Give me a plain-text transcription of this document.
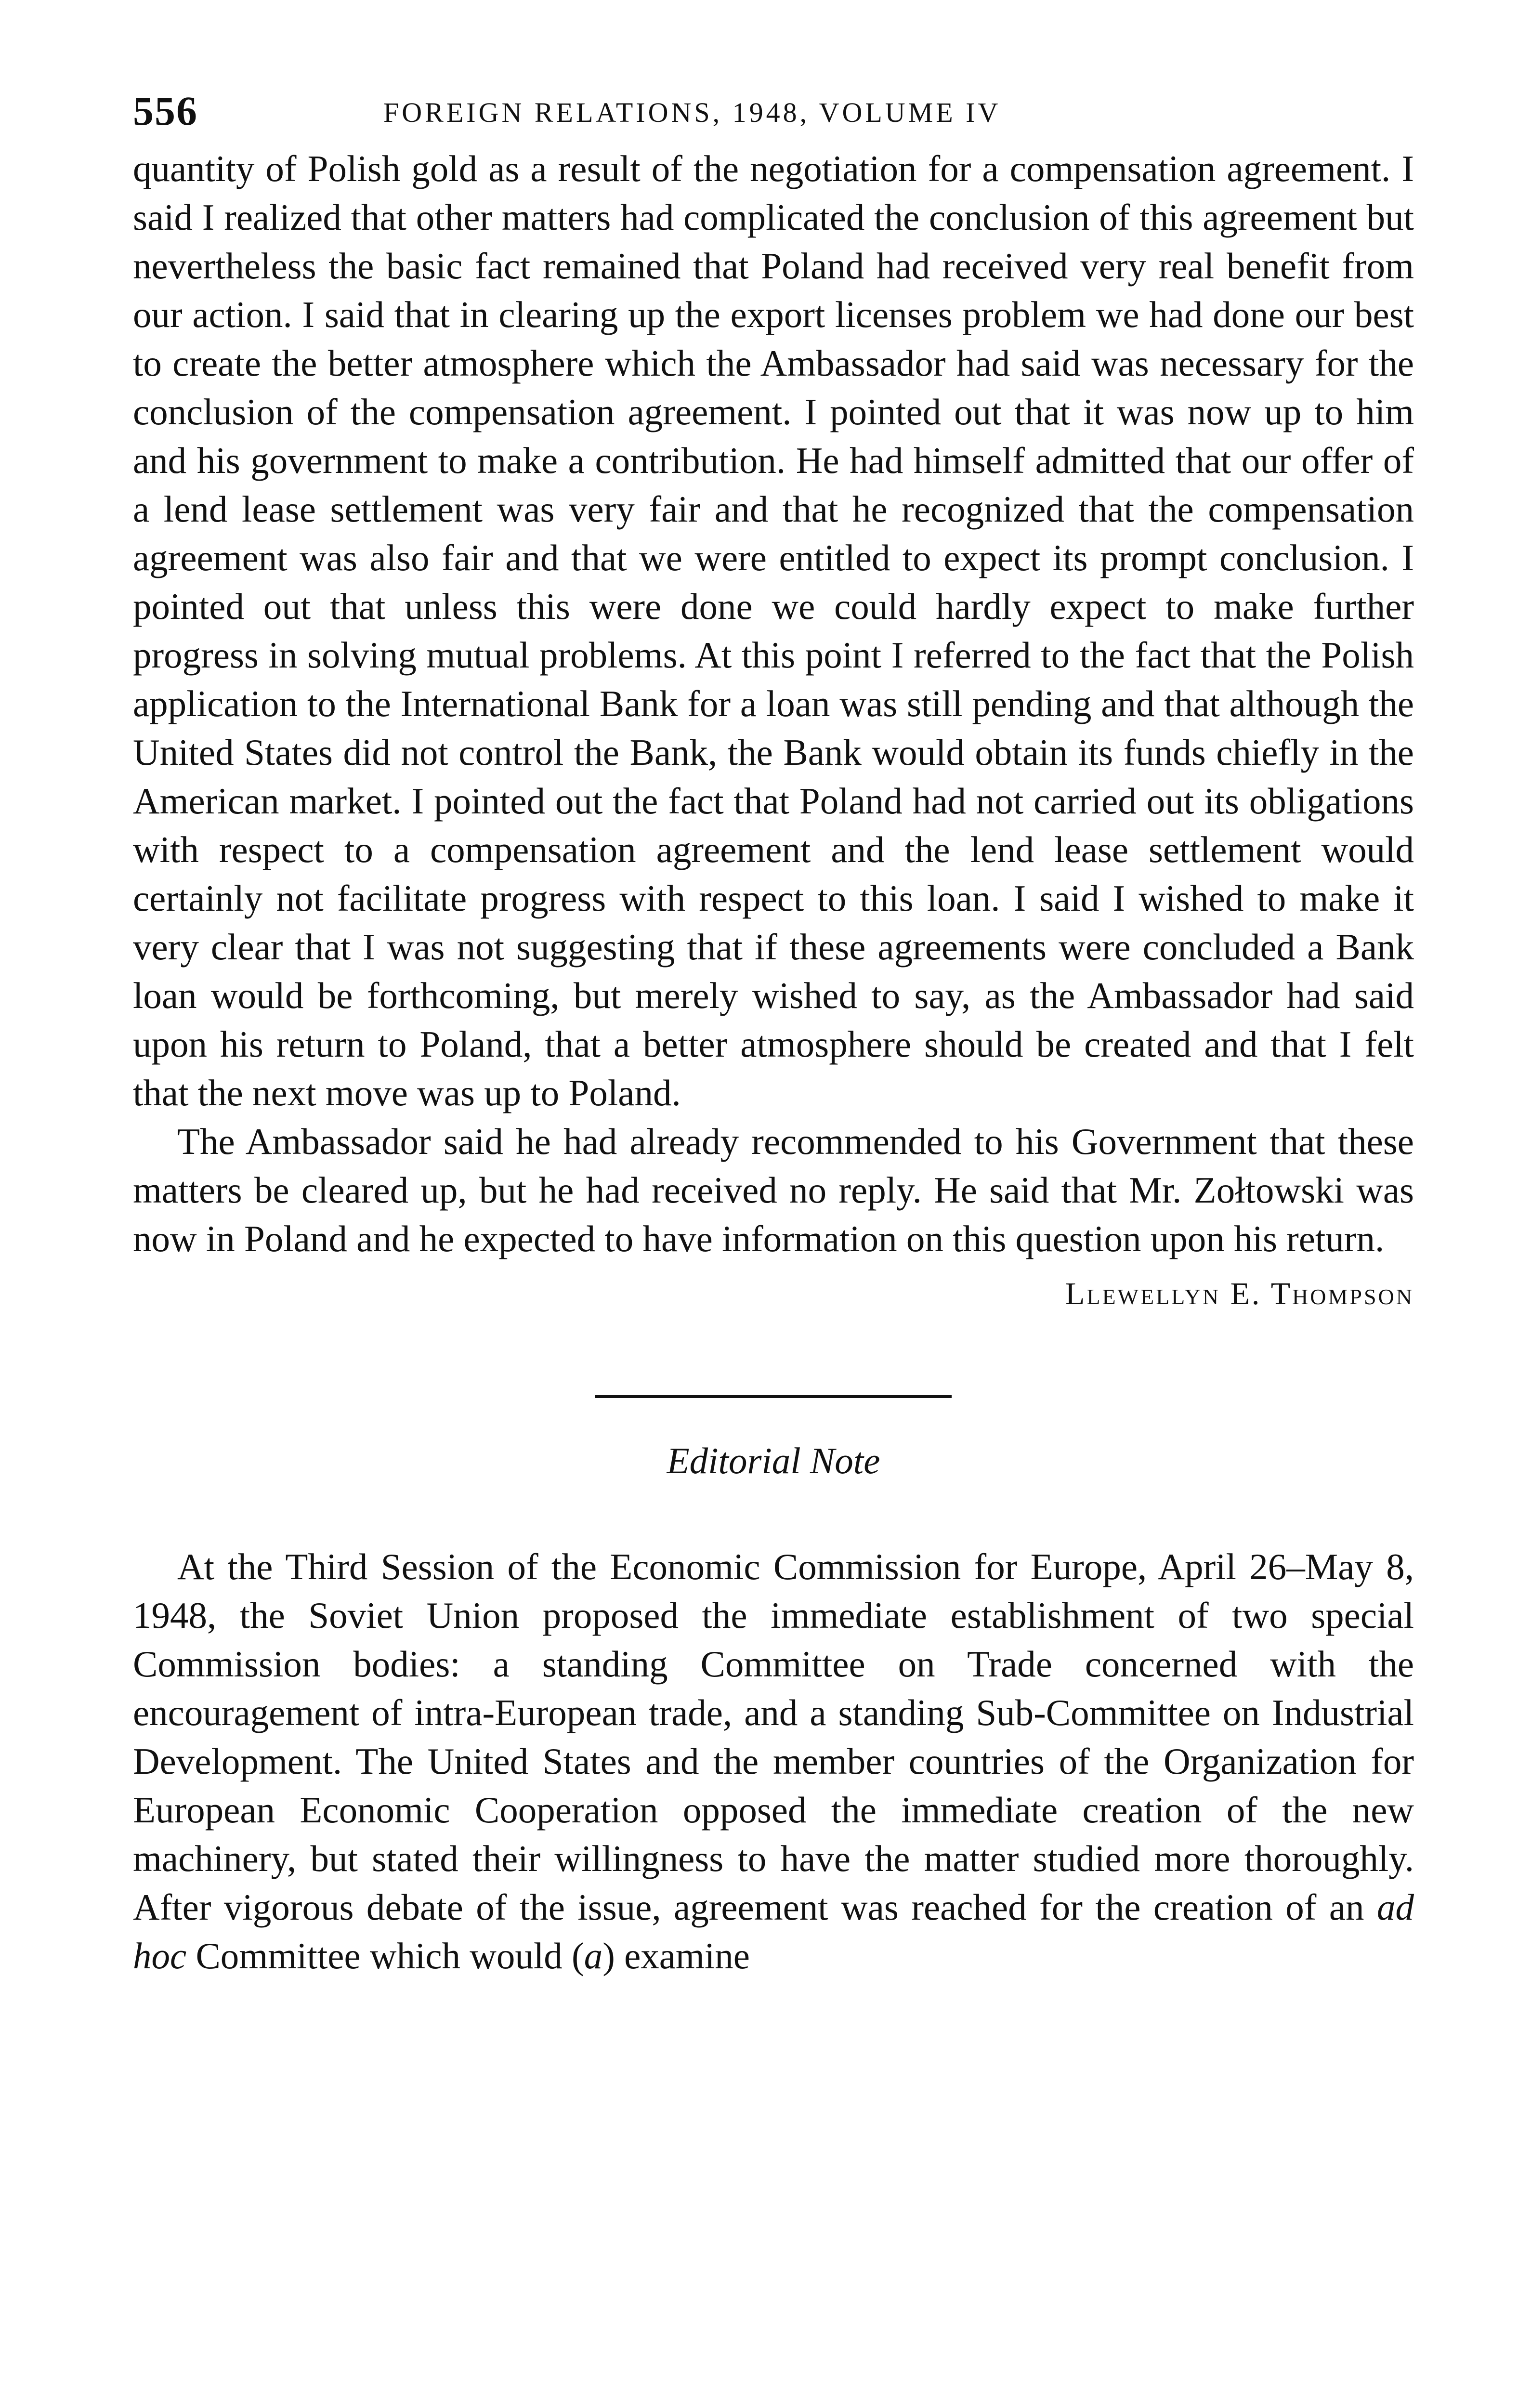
556	FOREIGN RELATIONS, 1948, VOLUME IV

quantity of Polish gold as a result of the negotiation for a compensation agreement. I said I realized that other matters had complicated the conclusion of this agreement but nevertheless the basic fact remained that Poland had received very real benefit from our action. I said that in clearing up the export licenses problem we had done our best to create the better atmosphere which the Ambassador had said was necessary for the conclusion of the compensation agreement. I pointed out that it was now up to him and his government to make a contribution. He had himself admitted that our offer of a lend lease settlement was very fair and that he recognized that the compensation agreement was also fair and that we were entitled to expect its prompt conclusion. I pointed out that unless this were done we could hardly expect to make further progress in solving mutual problems. At this point I referred to the fact that the Polish application to the International Bank for a loan was still pending and that although the United States did not control the Bank, the Bank would obtain its funds chiefly in the American market. I pointed out the fact that Poland had not carried out its obligations with respect to a compensation agreement and the lend lease settlement would certainly not facilitate progress with respect to this loan. I said I wished to make it very clear that I was not suggesting that if these agreements were concluded a Bank loan would be forthcoming, but merely wished to say, as the Ambassador had said upon his return to Poland, that a better atmosphere should be created and that I felt that the next move was up to Poland.

The Ambassador said he had already recommended to his Government that these matters be cleared up, but he had received no reply. He said that Mr. Zołtowski was now in Poland and he expected to have information on this question upon his return.

Llewellyn E. Thompson
Editorial Note

At the Third Session of the Economic Commission for Europe, April 26–May 8, 1948, the Soviet Union proposed the immediate establishment of two special Commission bodies: a standing Committee on Trade concerned with the encouragement of intra-European trade, and a standing Sub-Committee on Industrial Development. The United States and the member countries of the Organization for European Economic Cooperation opposed the immediate creation of the new machinery, but stated their willingness to have the matter studied more thoroughly. After vigorous debate of the issue, agreement was reached for the creation of an ad hoc Committee which would (a) examine
